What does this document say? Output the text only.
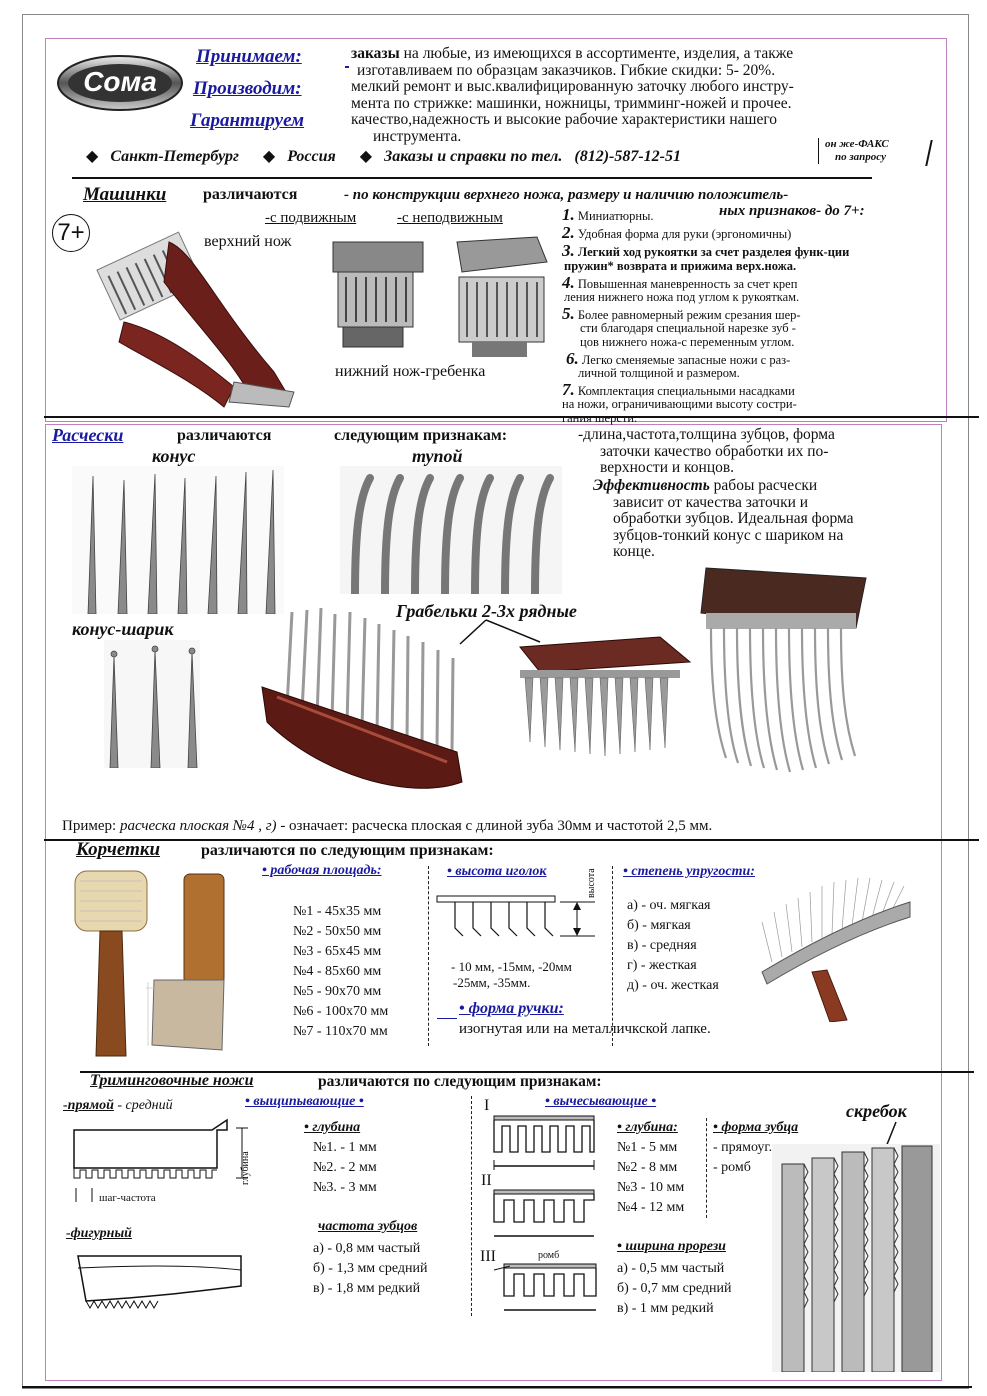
Сома
Принимаем:
Производим:
Гарантируем
заказы на любые, из имеющихся в ассортименте, изделия, а также
изготавливаем по образцам заказчиков. Гибкие скидки: 5- 20%.
мелкий ремонт и выс.квалифицированную заточку любого инстру-
мента по стрижке: машинки, ножницы, тримминг-ножей и прочее.
качество,надежность и высокие рабочие характеристики нашего
инструмента.
◆ Санкт-Петербург ◆ Россия ◆ Заказы и справки по тел. (812)-587-12-51
он же-ФАКС
по запросу
Машинки различаются	- по конструкции верхнего ножа, размеру и наличию положитель-
ных признаков- до 7+:
7+	верхний нож
-с подвижным	-с неподвижным
нижний нож-гребенка
1. Миниатюрны.
2. Удобная форма для руки (эргономичны)
3. Легкий ход рукоятки за счет разделея функ-ции
пружин* возврата и прижима верх.ножа.
4. Повышенная маневренность за счет креп
ления нижнего ножа под углом к рукояткам.
5. Более равномерный режим срезания шер-
сти благодаря специальной нарезке зуб -
цов нижнего ножа-с переменным углом.
6. Легко сменяемые запасные ножи с раз-
личной толщиной и размером.
7. Комплектация специальными насадками
на ножи, ограничивающими высоту состри-
Расчески	различаются	следующим признакам:
конус	тупой
-длина,частота,толщина зубцов, форма
заточки качество обработки их по-
верхности и концов.
Эффективность рабoы расчески
зависит от качества заточки и
обработки зубцов. Идеальная форма
зубцов-тонкий конус с шариком на
конце.
конус-шарик
Грабельки 2-3х рядные
Пример: расческа плоская №4 , г) - означает: расческа плоская с длиной зуба 30мм и частотой 2,5 мм.
Корчетки	различаются по следующим признакам:
• рабочая площадь:
№1 - 45х35 мм
№2 - 50х50 мм
№3 - 65х45 мм
№4 - 85х60 мм
№5 - 90х70 мм
№6 - 100х70 мм
№7 - 110х70 мм
• высота иголок	высота
- 10 мм, -15мм, -20мм
-25мм, -35мм.
• форма ручки:
изогнутая или на металличкской лапке.
• степень упругости:
а) - оч. мягкая
б) - мягкая
в) - средняя
г) - жесткая
д) - оч. жесткая
Триминговочные ножи	различаются по следующим признакам:
-прямой - средний
глубина
шаг-частота
-фигурный
• выщипывающие •
• глубина
№1. - 1 мм
№2. - 2 мм
№3. - 3 мм
частота зубцов
а) - 0,8 мм частый
б) - 1,3 мм средний
в) - 1,8 мм редкий
• вычесывающие •
I
II
III	ромб
• глубина:
№1 - 5 мм
№2 - 8 мм
№3 - 10 мм
№4 - 12 мм
• форма зубца
- прямоуг.
- ромб
• ширина прорези
а) - 0,5 мм частый
б) - 0,7 мм средний
в) - 1 мм редкий
скребок
